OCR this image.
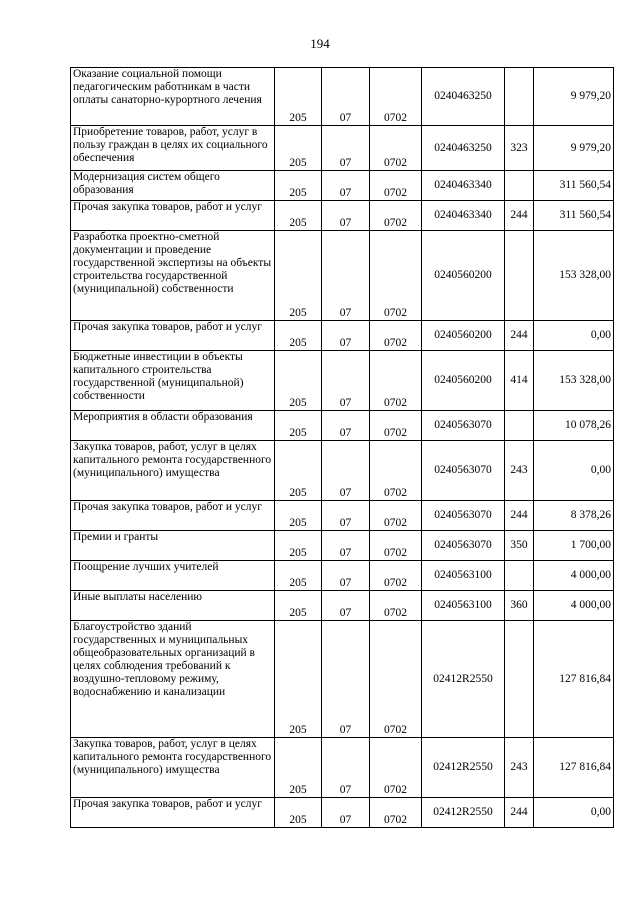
194
Оказание социальной помощи педагогическим работникам в части оплаты санаторно-курортного лечения	205	07	0702	0240463250		9 979,20
Приобретение товаров, работ, услуг в пользу граждан в целях их социального обеспечения	205	07	0702	0240463250	323	9 979,20
Модернизация систем общего образования	205	07	0702	0240463340		311 560,54
Прочая закупка товаров, работ и услуг	205	07	0702	0240463340	244	311 560,54
Разработка проектно-сметной документации и проведение государственной экспертизы на объекты строительства государственной (муниципальной) собственности	205	07	0702	0240560200		153 328,00
Прочая закупка товаров, работ и услуг	205	07	0702	0240560200	244	0,00
Бюджетные инвестиции в объекты капитального строительства государственной (муниципальной) собственности	205	07	0702	0240560200	414	153 328,00
Мероприятия в области образования	205	07	0702	0240563070		10 078,26
Закупка товаров, работ, услуг в целях капитального ремонта государственного (муниципального) имущества	205	07	0702	0240563070	243	0,00
Прочая закупка товаров, работ и услуг	205	07	0702	0240563070	244	8 378,26
Премии и гранты	205	07	0702	0240563070	350	1 700,00
Поощрение лучших учителей	205	07	0702	0240563100		4 000,00
Иные выплаты населению	205	07	0702	0240563100	360	4 000,00
Благоустройство зданий государственных и муниципальных общеобразовательных организаций в целях соблюдения требований к воздушно-тепловому режиму, водоснабжению и канализации	205	07	0702	02412R2550		127 816,84
Закупка товаров, работ, услуг в целях капитального ремонта государственного (муниципального) имущества	205	07	0702	02412R2550	243	127 816,84
Прочая закупка товаров, работ и услуг	205	07	0702	02412R2550	244	0,00
